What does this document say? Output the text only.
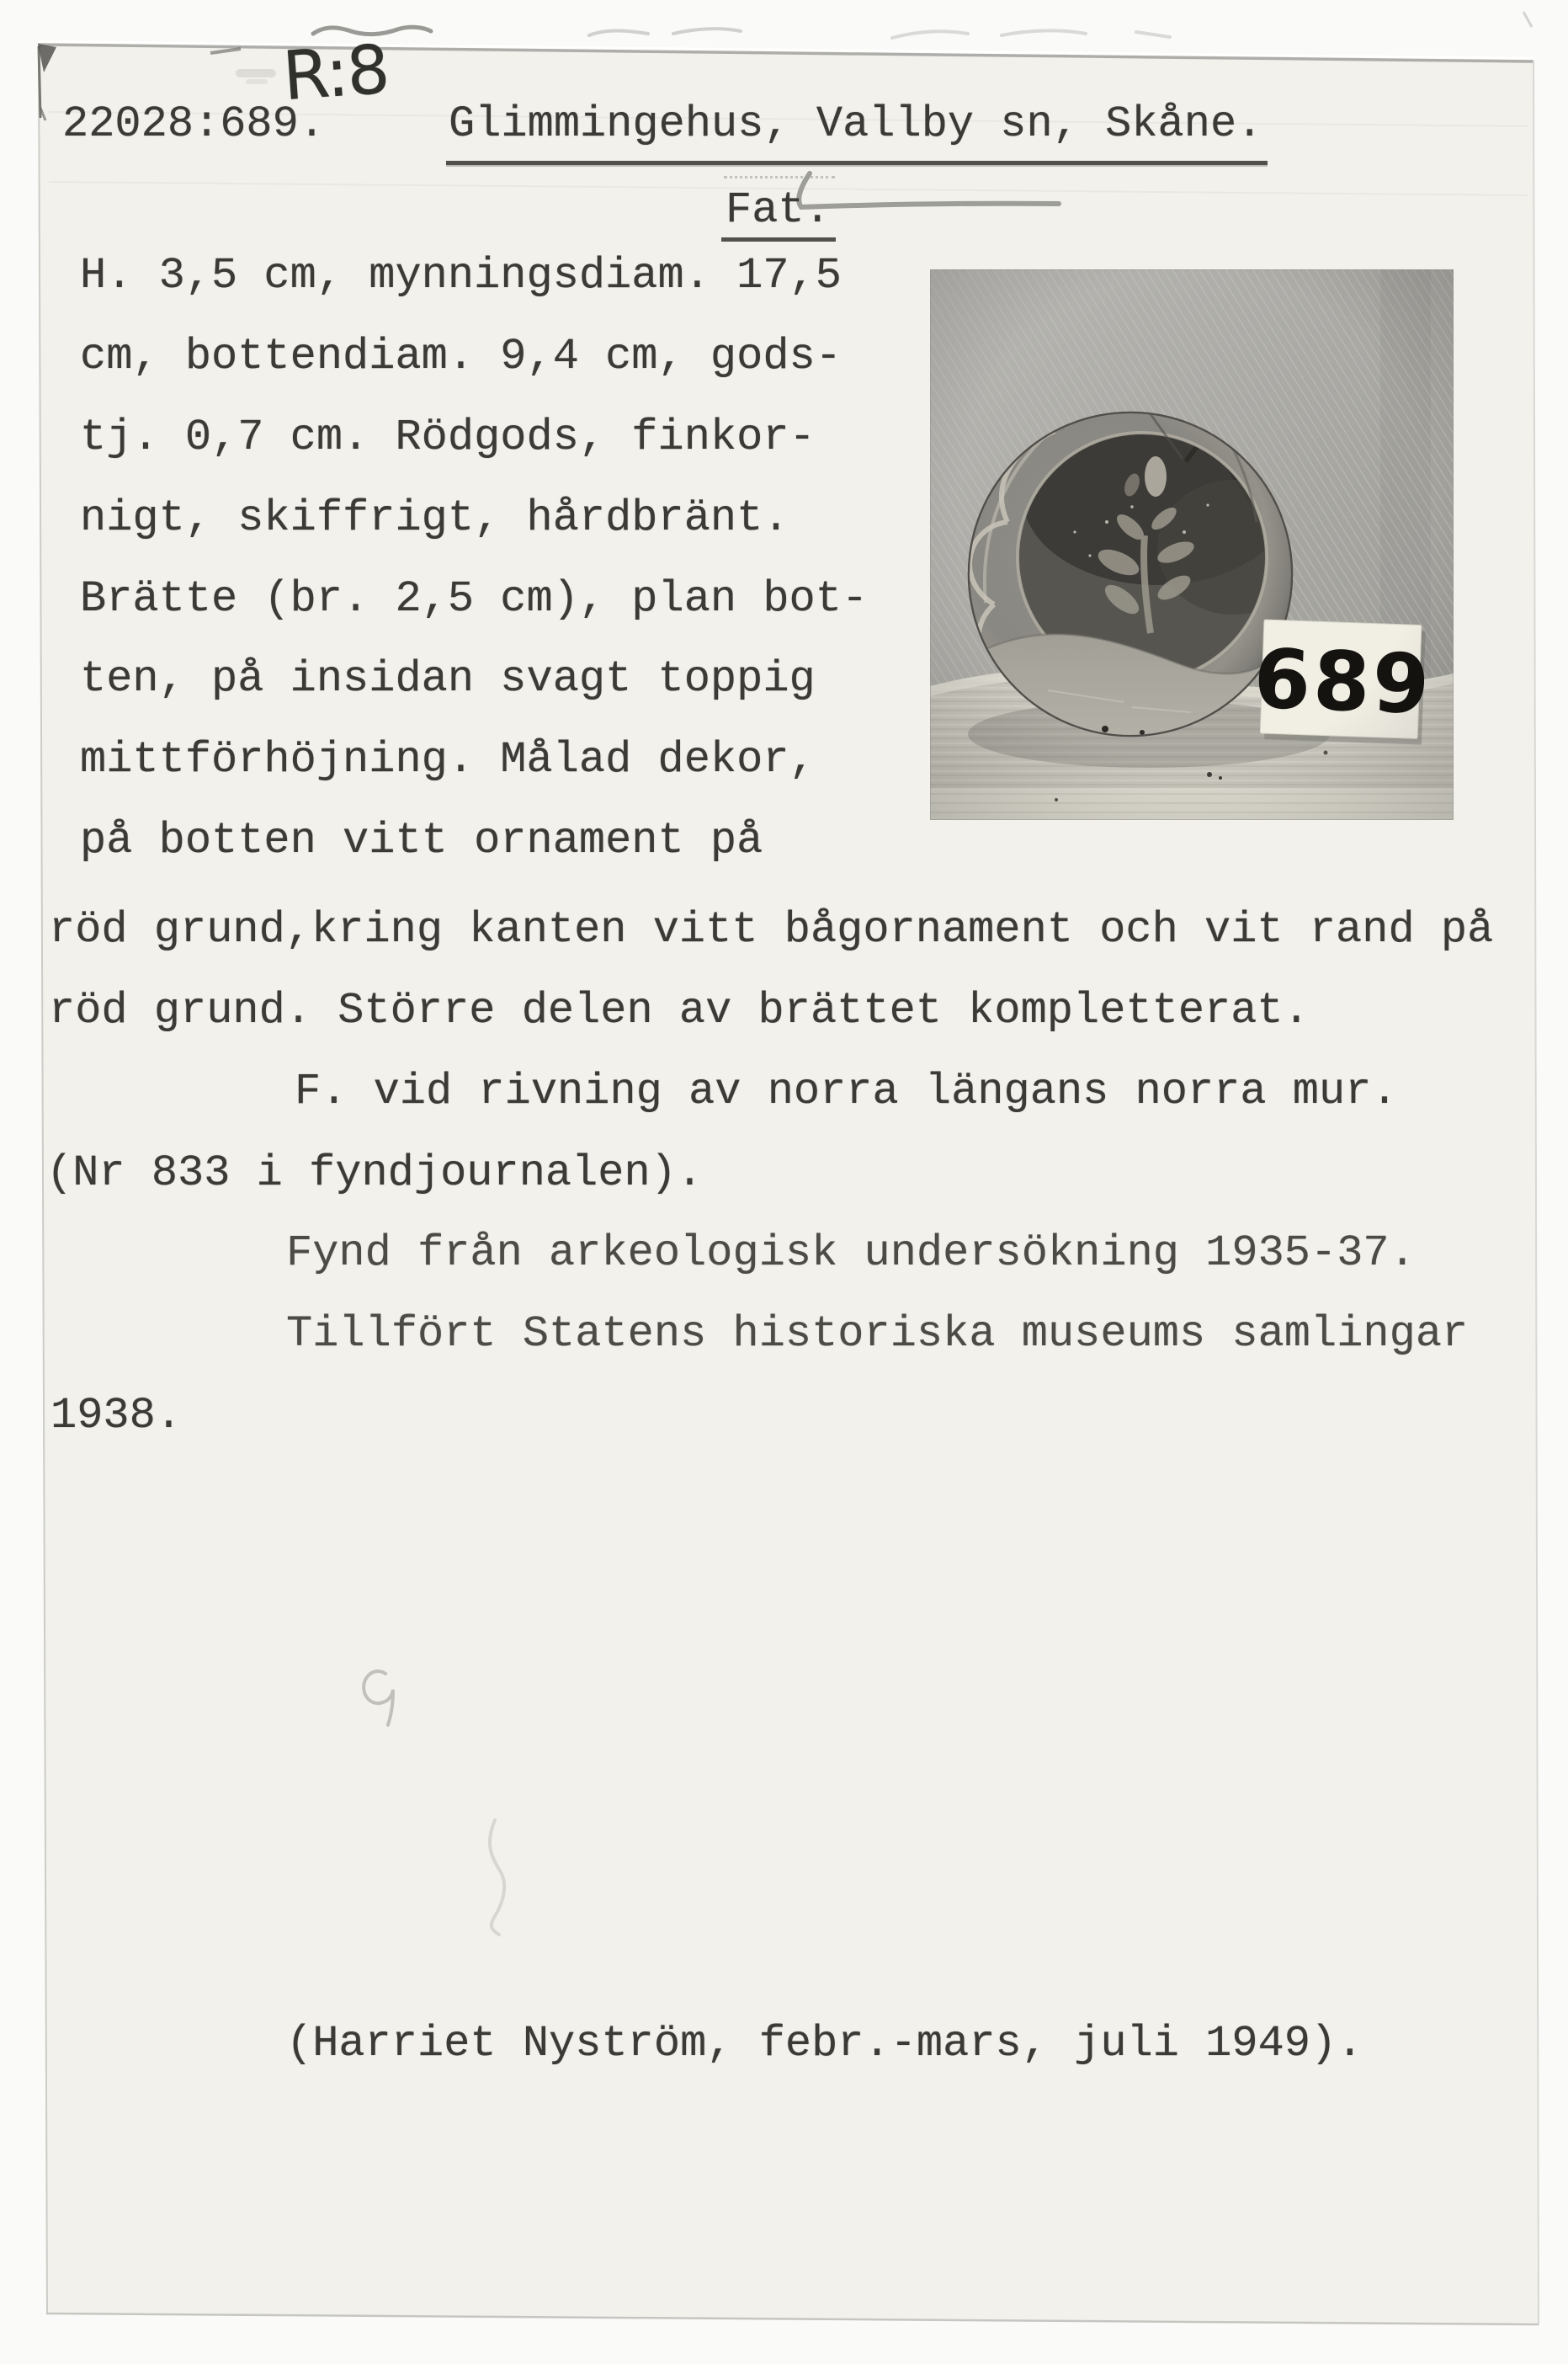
22028:689.
R:8
Glimmingehus, Vallby sn, Skåne.
Fat.
H. 3,5 cm, mynningsdiam. 17,5
cm, bottendiam. 9,4 cm, gods-
tj. 0,7 cm. Rödgods, finkor-
nigt, skiffrigt, hårdbränt.
Brätte (br. 2,5 cm), plan bot-
ten, på insidan svagt toppig
mittförhöjning. Målad dekor,
på botten vitt ornament på
röd grund,kring kanten vitt bågornament och vit rand på
röd grund. Större delen av brättet kompletterat.
F. vid rivning av norra längans norra mur.
(Nr 833 i fyndjournalen).
Fynd från arkeologisk undersökning 1935-37.
Tillfört Statens historiska museums samlingar
1938.
(Harriet Nyström, febr.-mars, juli 1949).
